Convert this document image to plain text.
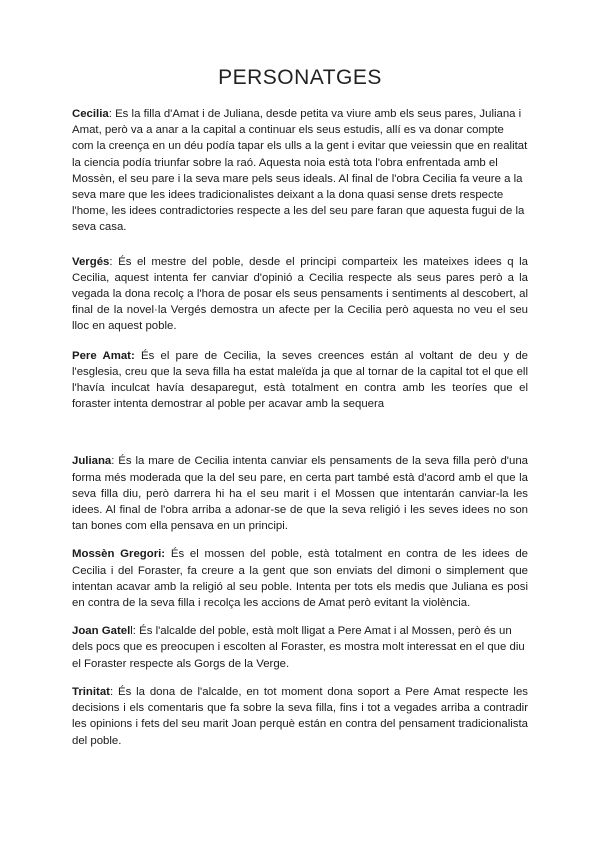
PERSONATGES

Cecilia: Es la filla d'Amat i de Juliana, desde petita va viure amb els seus pares, Juliana i Amat, però va a anar a la capital a continuar els seus estudis, allí es va donar compte com la creença en un déu podía tapar els ulls a la gent i evitar que veiessin que en realitat la ciencia podía triunfar sobre la raó. Aquesta noia està tota l'obra enfrentada amb el Mossèn, el seu pare i la seva mare pels seus ideals. Al final de l'obra Cecilia fa veure a la seva mare que les idees tradicionalistes deixant a la dona quasi sense drets respecte l'home, les idees contradictories respecte a les del seu pare faran que aquesta fugui de la seva casa.

Vergés: És el mestre del poble, desde el principi comparteix les mateixes idees q la Cecilia, aquest intenta fer canviar d'opinió a Cecilia respecte als seus pares però a la vegada la dona recolç a l'hora de posar els seus pensaments i sentiments al descobert, al final de la novel·la Vergés demostra un afecte per la Cecilia però aquesta no veu el seu lloc en aquest poble.

Pere Amat: És el pare de Cecilia, la seves creences están al voltant de deu y de l'esglesia, creu que la seva filla ha estat maleïda ja que al tornar de la capital tot el que ell l'havía inculcat havía desaparegut, està totalment en contra amb les teoríes que el foraster intenta demostrar al poble per acavar amb la sequera

Juliana: És la mare de Cecilia intenta canviar els pensaments de la seva filla però d'una forma més moderada que la del seu pare, en certa part també està d'acord amb el que la seva filla diu, però darrera hi ha el seu marit i el Mossen que intentarán canviar-la les idees. Al final de l'obra arriba a adonar-se de que la seva religió i les seves idees no son tan bones com ella pensava en un principi.

Mossèn Gregori: És el mossen del poble, està totalment en contra de les idees de Cecilia i del Foraster, fa creure a la gent que son enviats del dimoni o simplement que intentan acavar amb la religió al seu poble. Intenta per tots els medis que Juliana es posi en contra de la seva filla i recolça les accions de Amat però evitant la violència.

Joan Gatell: És l'alcalde del poble, està molt lligat a Pere Amat i al Mossen, però és un dels pocs que es preocupen i escolten al Foraster, es mostra molt interessat en el que diu el Foraster respecte als Gorgs de la Verge.

Trinitat: És la dona de l'alcalde, en tot moment dona soport a Pere Amat respecte les decisions i els comentaris que fa sobre la seva filla, fins i tot a vegades arriba a contradir les opinions i fets del seu marit Joan perquè están en contra del pensament tradicionalista del poble.
